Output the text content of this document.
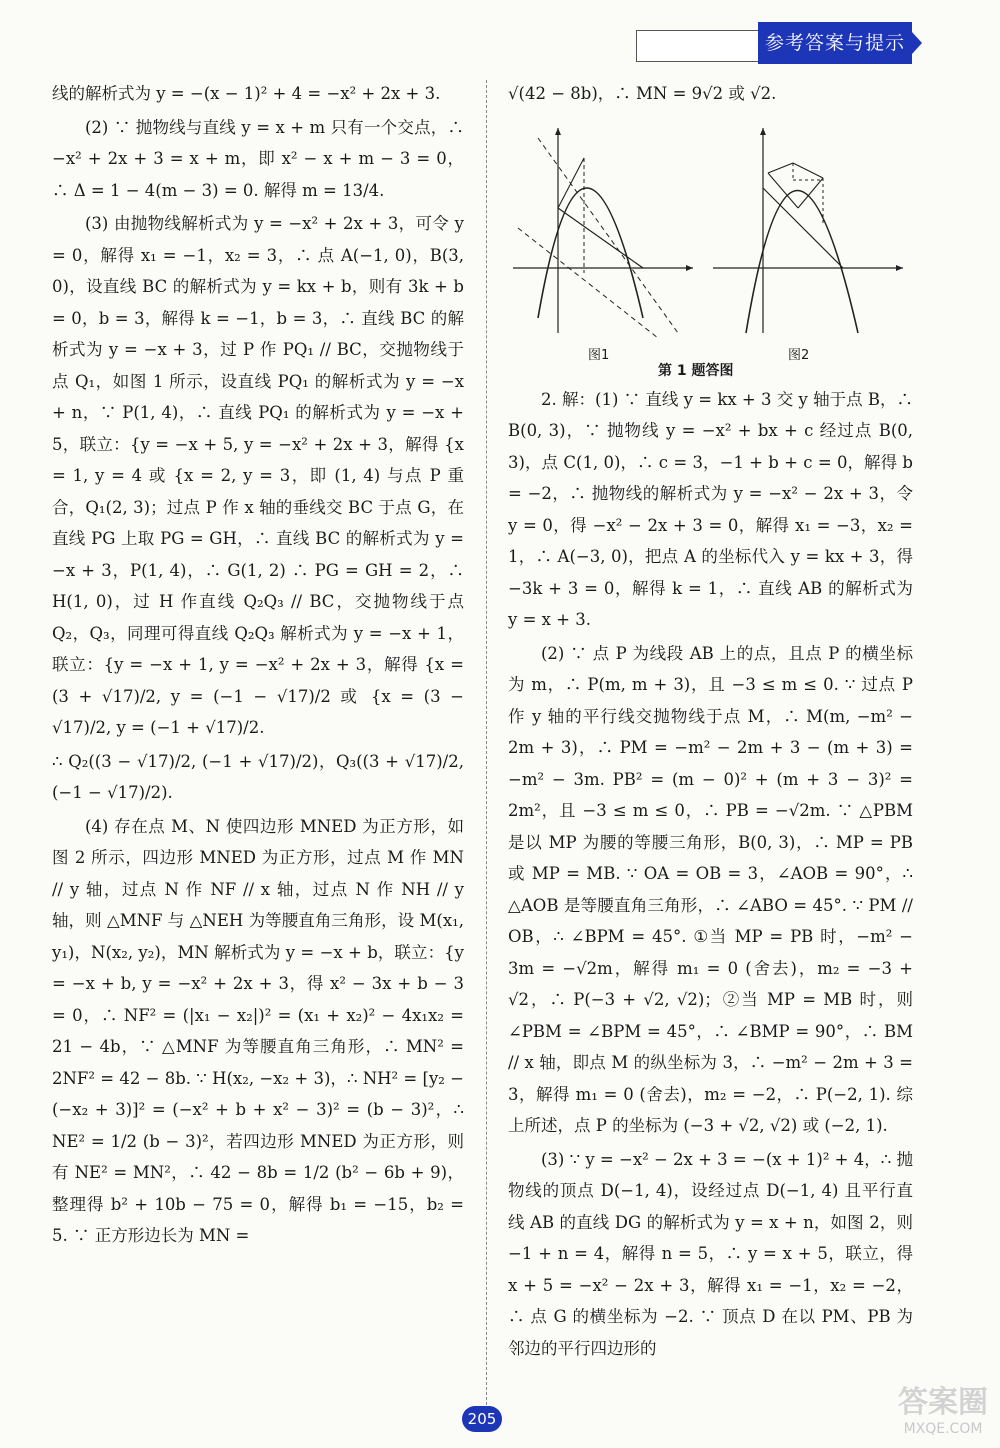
参考答案与提示

线的解析式为 y = −(x − 1)² + 4 = −x² + 2x + 3.

(2) ∵ 抛物线与直线 y = x + m 只有一个交点，∴ −x² + 2x + 3 = x + m，即 x² − x + m − 3 = 0，∴ Δ = 1 − 4(m − 3) = 0. 解得 m = 13/4.

(3) 由抛物线解析式为 y = −x² + 2x + 3，可令 y = 0，解得 x₁ = −1，x₂ = 3，∴ 点 A(−1, 0)，B(3, 0)，设直线 BC 的解析式为 y = kx + b，则有 3k + b = 0，b = 3，解得 k = −1，b = 3，∴ 直线 BC 的解析式为 y = −x + 3，过 P 作 PQ₁ // BC，交抛物线于点 Q₁，如图 1 所示，设直线 PQ₁ 的解析式为 y = −x + n，∵ P(1, 4)，∴ 直线 PQ₁ 的解析式为 y = −x + 5，联立：{y = −x + 5, y = −x² + 2x + 3，解得 {x = 1, y = 4 或 {x = 2, y = 3，即 (1, 4) 与点 P 重合，Q₁(2, 3)；过点 P 作 x 轴的垂线交 BC 于点 G，在直线 PG 上取 PG = GH，∴ 直线 BC 的解析式为 y = −x + 3，P(1, 4)，∴ G(1, 2) ∴ PG = GH = 2，∴ H(1, 0)，过 H 作直线 Q₂Q₃ // BC，交抛物线于点 Q₂，Q₃，同理可得直线 Q₂Q₃ 解析式为 y = −x + 1，联立：{y = −x + 1, y = −x² + 2x + 3，解得 {x = (3 + √17)/2, y = (−1 − √17)/2 或 {x = (3 − √17)/2, y = (−1 + √17)/2.

∴ Q₂((3 − √17)/2, (−1 + √17)/2)，Q₃((3 + √17)/2, (−1 − √17)/2).

(4) 存在点 M、N 使四边形 MNED 为正方形，如图 2 所示，四边形 MNED 为正方形，过点 M 作 MN // y 轴，过点 N 作 NF // x 轴，过点 N 作 NH // y 轴，则 △MNF 与 △NEH 为等腰直角三角形，设 M(x₁, y₁)，N(x₂, y₂)，MN 解析式为 y = −x + b，联立：{y = −x + b, y = −x² + 2x + 3，得 x² − 3x + b − 3 = 0，∴ NF² = (|x₁ − x₂|)² = (x₁ + x₂)² − 4x₁x₂ = 21 − 4b，∵ △MNF 为等腰直角三角形，∴ MN² = 2NF² = 42 − 8b. ∵ H(x₂, −x₂ + 3)，∴ NH² = [y₂ − (−x₂ + 3)]² = (−x² + b + x² − 3)² = (b − 3)²，∴ NE² = 1/2 (b − 3)²，若四边形 MNED 为正方形，则有 NE² = MN²，∴ 42 − 8b = 1/2 (b² − 6b + 9)，整理得 b² + 10b − 75 = 0，解得 b₁ = −15，b₂ = 5. ∵ 正方形边长为 MN =

√(42 − 8b)，∴ MN = 9√2 或 √2.

图1	图2
第 1 题答图

2. 解：(1) ∵ 直线 y = kx + 3 交 y 轴于点 B，∴ B(0, 3)，∵ 抛物线 y = −x² + bx + c 经过点 B(0, 3)，点 C(1, 0)，∴ c = 3，−1 + b + c = 0，解得 b = −2，∴ 抛物线的解析式为 y = −x² − 2x + 3，令 y = 0，得 −x² − 2x + 3 = 0，解得 x₁ = −3，x₂ = 1，∴ A(−3, 0)，把点 A 的坐标代入 y = kx + 3，得 −3k + 3 = 0，解得 k = 1，∴ 直线 AB 的解析式为 y = x + 3.

(2) ∵ 点 P 为线段 AB 上的点，且点 P 的横坐标为 m，∴ P(m, m + 3)，且 −3 ≤ m ≤ 0. ∵ 过点 P 作 y 轴的平行线交抛物线于点 M，∴ M(m, −m² − 2m + 3)，∴ PM = −m² − 2m + 3 − (m + 3) = −m² − 3m. PB² = (m − 0)² + (m + 3 − 3)² = 2m²，且 −3 ≤ m ≤ 0，∴ PB = −√2m. ∵ △PBM 是以 MP 为腰的等腰三角形，B(0, 3)，∴ MP = PB 或 MP = MB. ∵ OA = OB = 3，∠AOB = 90°，∴ △AOB 是等腰直角三角形，∴ ∠ABO = 45°. ∵ PM // OB，∴ ∠BPM = 45°. ①当 MP = PB 时，−m² − 3m = −√2m，解得 m₁ = 0 (舍去)，m₂ = −3 + √2，∴ P(−3 + √2, √2)；②当 MP = MB 时，则 ∠PBM = ∠BPM = 45°，∴ ∠BMP = 90°，∴ BM // x 轴，即点 M 的纵坐标为 3，∴ −m² − 2m + 3 = 3，解得 m₁ = 0 (舍去)，m₂ = −2，∴ P(−2, 1). 综上所述，点 P 的坐标为 (−3 + √2, √2) 或 (−2, 1).

(3) ∵ y = −x² − 2x + 3 = −(x + 1)² + 4，∴ 抛物线的顶点 D(−1, 4)，设经过点 D(−1, 4) 且平行直线 AB 的直线 DG 的解析式为 y = x + n，如图 2，则 −1 + n = 4，解得 n = 5，∴ y = x + 5，联立，得 x + 5 = −x² − 2x + 3，解得 x₁ = −1，x₂ = −2，∴ 点 G 的横坐标为 −2. ∵ 顶点 D 在以 PM、PB 为邻边的平行四边形的

205	答案圈
MXQE.COM
